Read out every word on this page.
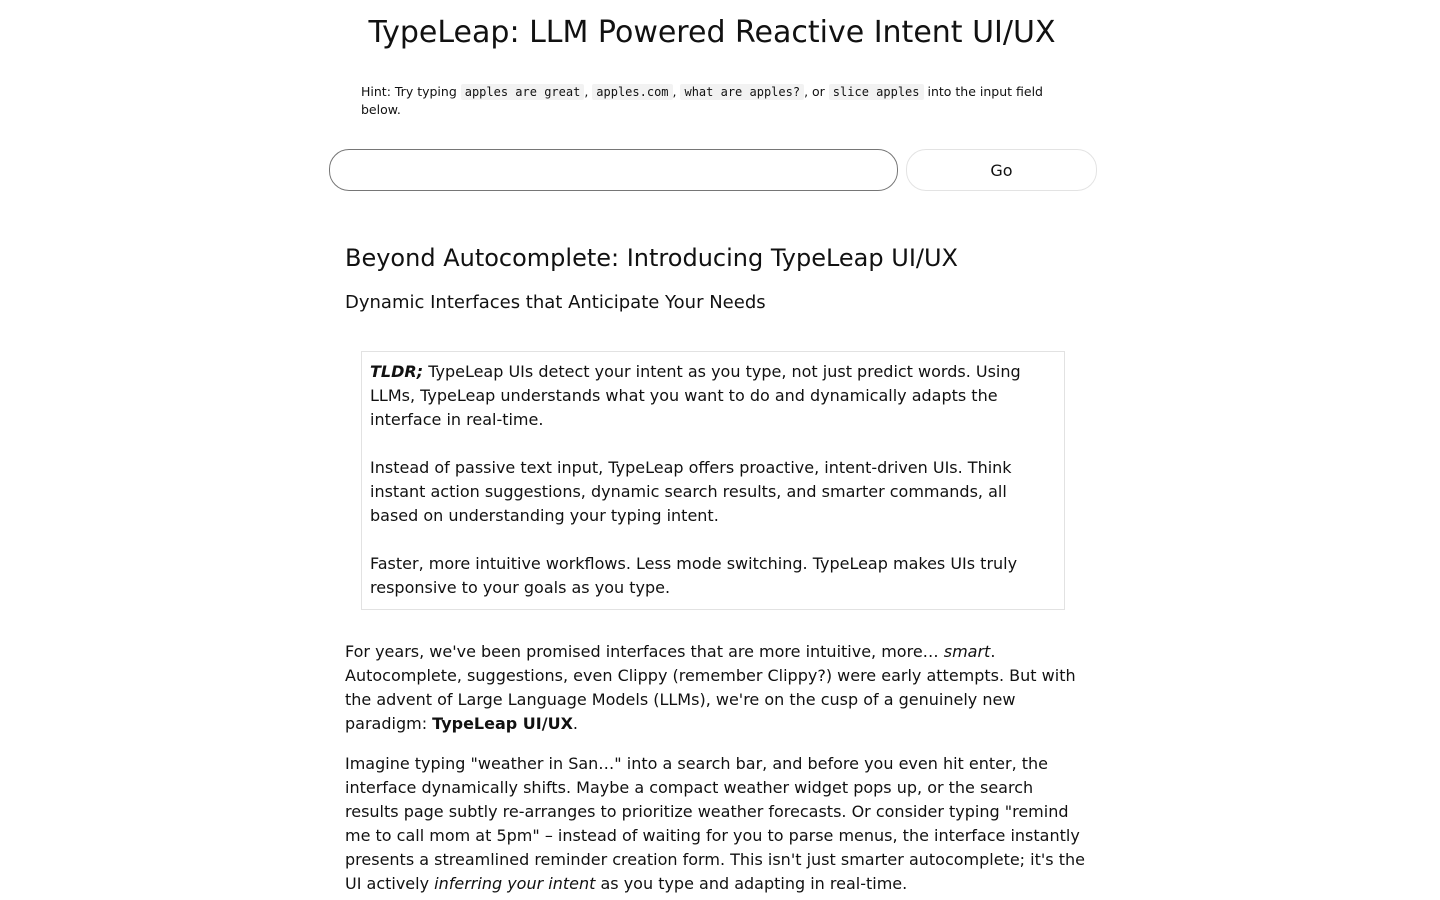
TypeLeap: LLM Powered Reactive Intent UI/UX

Hint: Try typing apples are great , apples.com , what are apples? , or slice apples into the input field below.

Go
Beyond Autocomplete: Introducing TypeLeap UI/UX
Dynamic Interfaces that Anticipate Your Needs

TLDR; TypeLeap UIs detect your intent as you type, not just predict words. Using LLMs, TypeLeap understands what you want to do and dynamically adapts the interface in real-time.

Instead of passive text input, TypeLeap offers proactive, intent-driven UIs. Think instant action suggestions, dynamic search results, and smarter commands, all based on understanding your typing intent.

Faster, more intuitive workflows. Less mode switching. TypeLeap makes UIs truly responsive to your goals as you type.

For years, we've been promised interfaces that are more intuitive, more… smart. Autocomplete, suggestions, even Clippy (remember Clippy?) were early attempts. But with the advent of Large Language Models (LLMs), we're on the cusp of a genuinely new paradigm: TypeLeap UI/UX.

Imagine typing "weather in San…" into a search bar, and before you even hit enter, the interface dynamically shifts. Maybe a compact weather widget pops up, or the search results page subtly re-arranges to prioritize weather forecasts. Or consider typing "remind me to call mom at 5pm" – instead of waiting for you to parse menus, the interface instantly presents a streamlined reminder creation form. This isn't just smarter autocomplete; it's the UI actively inferring your intent as you type and adapting in real-time.
